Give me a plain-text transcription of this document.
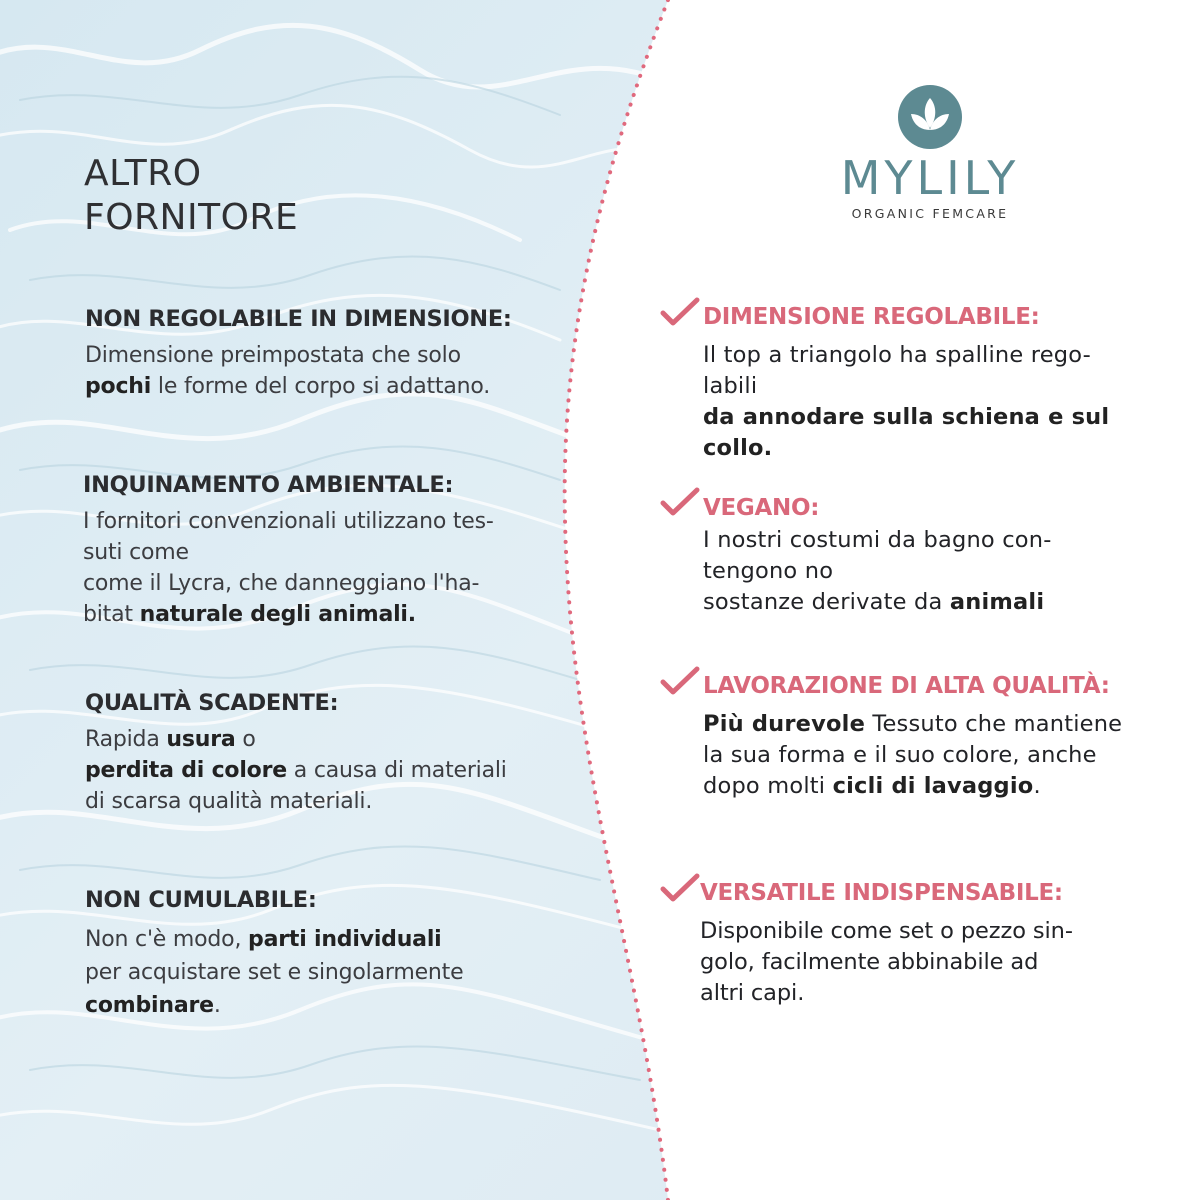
ALTRO
FORNITORE
NON REGOLABILE IN DIMENSIONE:
Dimensione preimpostata che solo
pochi le forme del corpo si adattano.
INQUINAMENTO AMBIENTALE:
I fornitori convenzionali utilizzano tes-
suti come
come il Lycra, che danneggiano l'ha-
bitat naturale degli animali.
QUALITÀ SCADENTE:
Rapida usura o
perdita di colore a causa di materiali
di scarsa qualità materiali.
NON CUMULABILE:
Non c'è modo, parti individuali
per acquistare set e singolarmente
combinare.
MYLILY
ORGANIC FEMCARE
DIMENSIONE REGOLABILE:
Il top a triangolo ha spalline rego-
labili
da annodare sulla schiena e sul
collo.
VEGANO:
I nostri costumi da bagno con-
tengono no
sostanze derivate da animali
LAVORAZIONE DI ALTA QUALITÀ:
Più durevole Tessuto che mantiene
la sua forma e il suo colore, anche
dopo molti cicli di lavaggio.
VERSATILE INDISPENSABILE:
Disponibile come set o pezzo sin-
golo, facilmente abbinabile ad
altri capi.
